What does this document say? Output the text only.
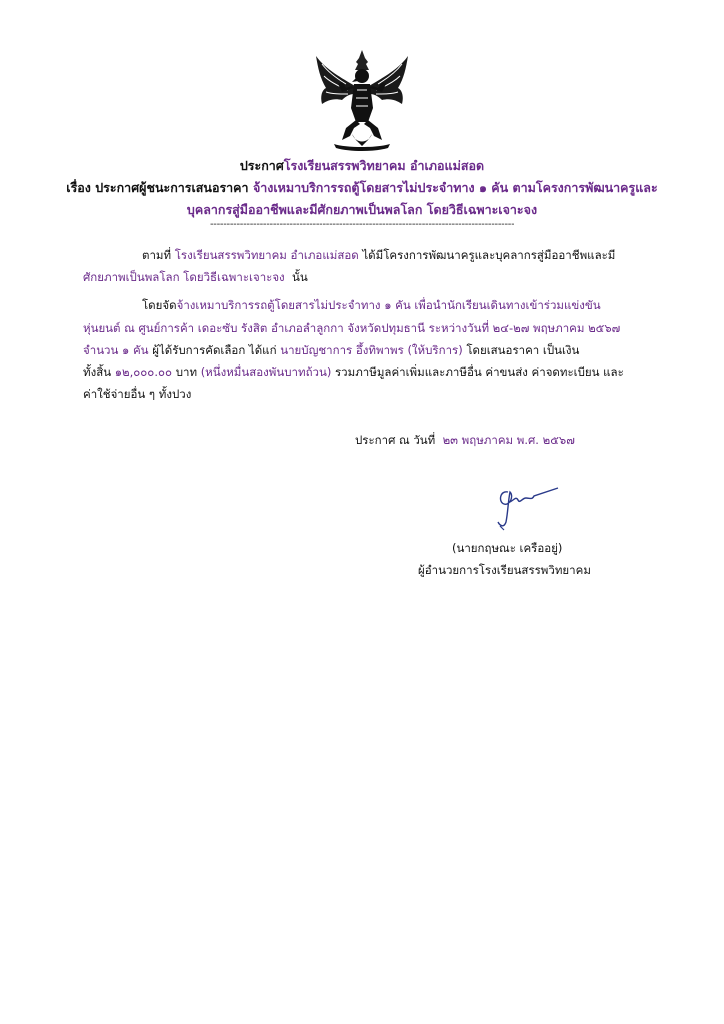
ประกาศโรงเรียนสรรพวิทยาคม อำเภอแม่สอด
เรื่อง ประกาศผู้ชนะการเสนอราคา จ้างเหมาบริการรถตู้โดยสารไม่ประจำทาง ๑ คัน ตามโครงการพัฒนาครูและ
บุคลากรสู่มืออาชีพและมีศักยภาพเป็นพลโลก โดยวิธีเฉพาะเจาะจง
--------------------------------------------------------------------------------------------
ตามที่ โรงเรียนสรรพวิทยาคม อำเภอแม่สอด ได้มีโครงการพัฒนาครูและบุคลากรสู่มืออาชีพและมี
ศักยภาพเป็นพลโลก โดยวิธีเฉพาะเจาะจง นั้น
โดยจัดจ้างเหมาบริการรถตู้โดยสารไม่ประจำทาง ๑ คัน เพื่อนำนักเรียนเดินทางเข้าร่วมแข่งขัน
หุ่นยนต์ ณ ศูนย์การค้า เดอะซับ รังสิต อำเภอลำลูกกา จังหวัดปทุมธานี ระหว่างวันที่ ๒๔-๒๗ พฤษภาคม ๒๕๖๗
จำนวน ๑ คัน ผู้ได้รับการคัดเลือก ได้แก่ นายบัญชาการ อึ้งทิพาพร (ให้บริการ) โดยเสนอราคา เป็นเงิน
ทั้งสิ้น ๑๒,๐๐๐.๐๐ บาท (หนึ่งหมื่นสองพันบาทถ้วน) รวมภาษีมูลค่าเพิ่มและภาษีอื่น ค่าขนส่ง ค่าจดทะเบียน และ
ค่าใช้จ่ายอื่น ๆ ทั้งปวง
ประกาศ ณ วันที่ ๒๓ พฤษภาคม พ.ศ. ๒๕๖๗
(นายกฤษณะ เครืออยู่)
ผู้อำนวยการโรงเรียนสรรพวิทยาคม
